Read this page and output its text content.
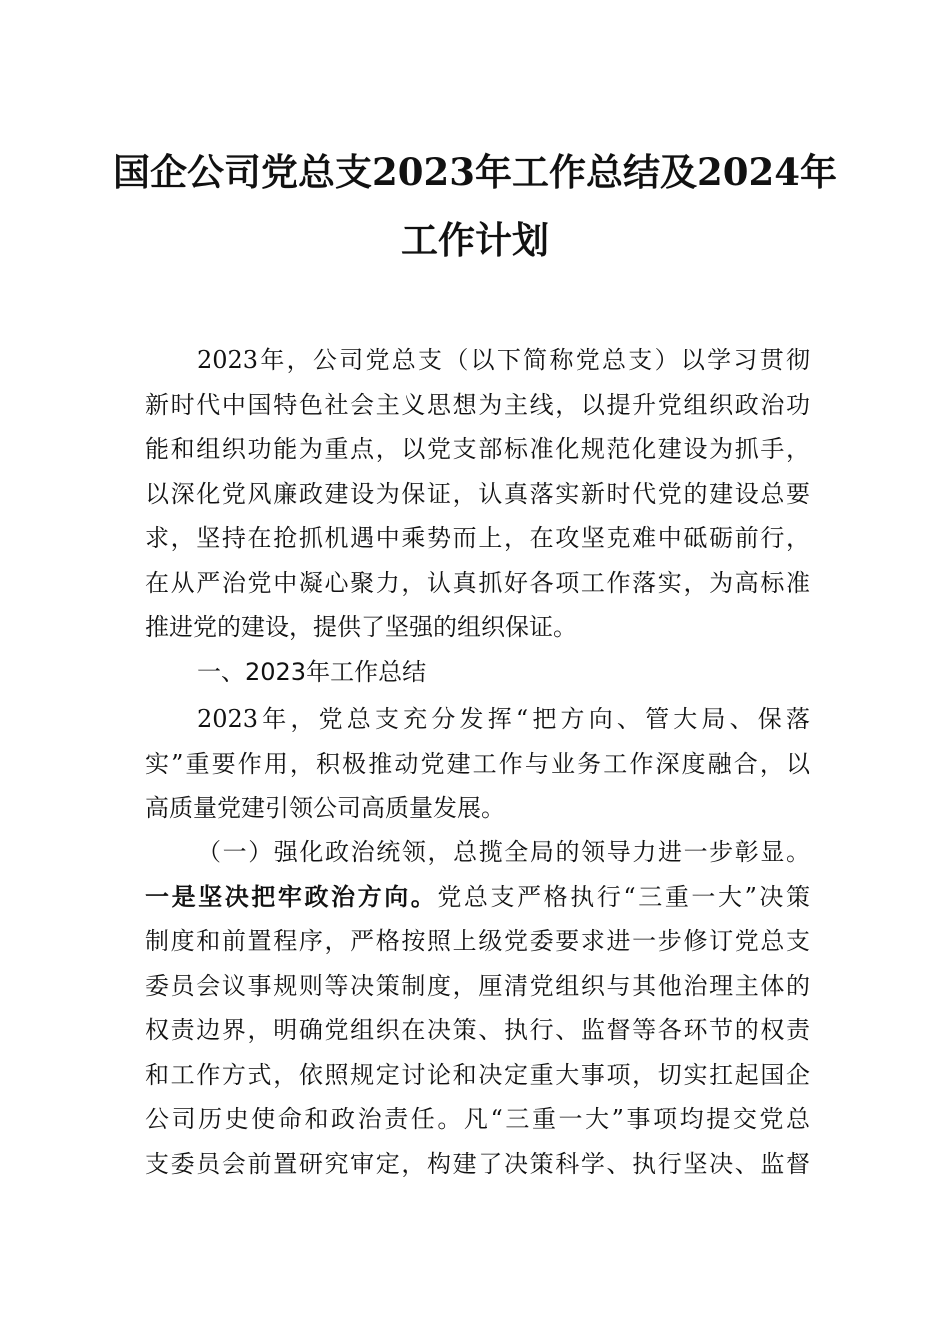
国企公司党总支2023年工作总结及2024年
工作计划
2023年，公司党总支（以下简称党总支）以学习贯彻
新时代中国特色社会主义思想为主线，以提升党组织政治功
能和组织功能为重点，以党支部标准化规范化建设为抓手，
以深化党风廉政建设为保证，认真落实新时代党的建设总要
求，坚持在抢抓机遇中乘势而上，在攻坚克难中砥砺前行，
在从严治党中凝心聚力，认真抓好各项工作落实，为高标准
推进党的建设，提供了坚强的组织保证。
一、2023年工作总结
2023年，党总支充分发挥“把方向、管大局、保落
实”重要作用，积极推动党建工作与业务工作深度融合，以
高质量党建引领公司高质量发展。
（一）强化政治统领，总揽全局的领导力进一步彰显。
一是坚决把牢政治方向。党总支严格执行“三重一大”决策
制度和前置程序，严格按照上级党委要求进一步修订党总支
委员会议事规则等决策制度，厘清党组织与其他治理主体的
权责边界，明确党组织在决策、执行、监督等各环节的权责
和工作方式，依照规定讨论和决定重大事项，切实扛起国企
公司历史使命和政治责任。凡“三重一大”事项均提交党总
支委员会前置研究审定，构建了决策科学、执行坚决、监督
